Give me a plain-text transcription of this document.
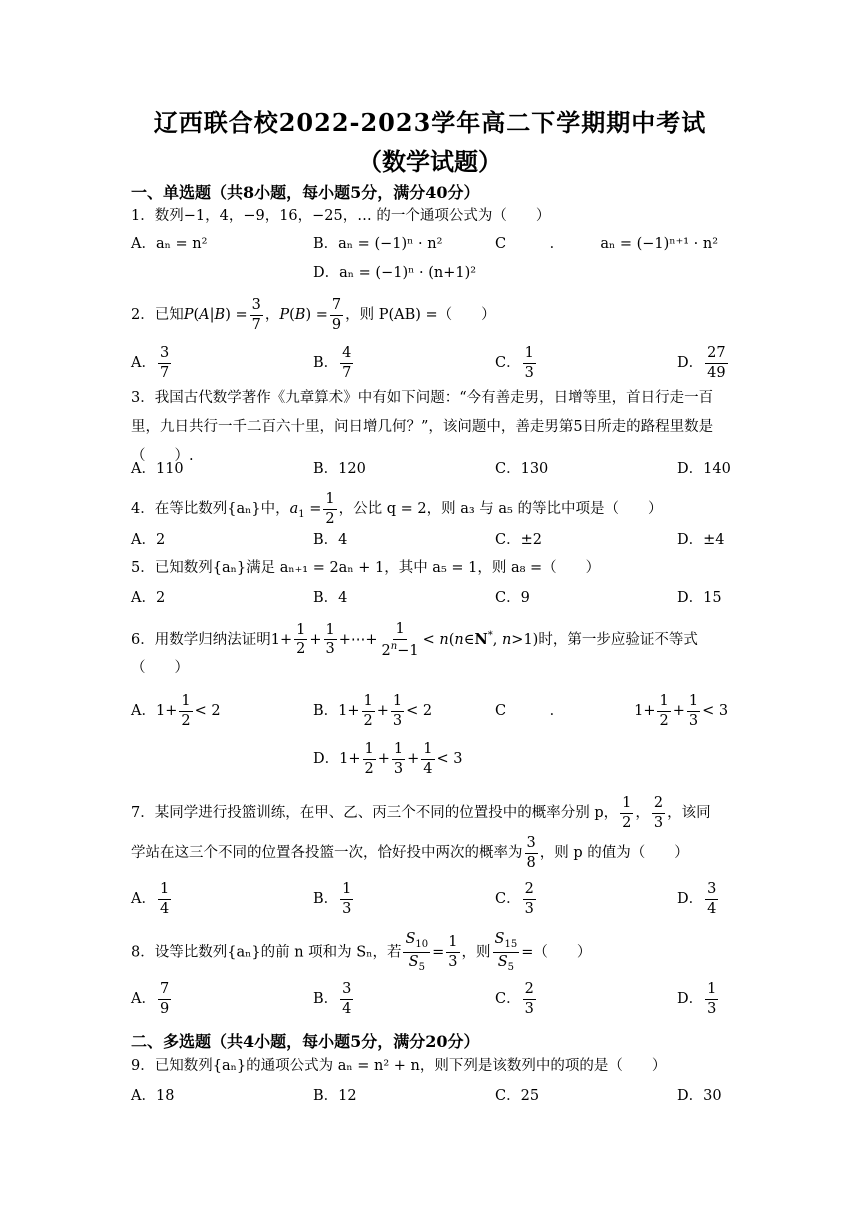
辽西联合校2022-2023学年高二下学期期中考试
（数学试题）
一、单选题（共8小题，每小题5分，满分40分）
1．数列−1，4，−9，16，−25，… 的一个通项公式为（　　）
A．aₙ = n²	B．aₙ = (−1)ⁿ · n²	C　　　．　　　aₙ = (−1)ⁿ⁺¹ · n²
D．aₙ = (−1)ⁿ · (n+1)²
2．已知$P(A|B) = \frac{3}{7}$ ，$P(B) = \frac{7}{9}$ ，则 P(AB) =（　　）
A． $\frac{3}{7}$	B． $\frac{4}{7}$	C． $\frac{1}{3}$	D． $\frac{27}{49}$
3．我国古代数学著作《九章算术》中有如下问题：“今有善走男，日增等里，首日行走一百里，九日共行一千二百六十里，问日增几何？”，该问题中，善走男第5日所走的路程里数是（　　）.
A．110	B．120	C．130	D．140
4．在等比数列{aₙ}中，$a_1 = \frac{1}{2}$ ，公比 q = 2，则 a₃ 与 a₅ 的等比中项是（　　）
A．2	B．4	C．±2	D．±4
5．已知数列{aₙ}满足 aₙ₊₁ = 2aₙ + 1，其中 a₅ = 1，则 a₈ =（　　）
A．2	B．4	C．9	D．15
6．用数学归纳法证明$1+ \frac{1}{2} + \frac{1}{3}$ +⋯+ $\frac{1}{2^n-1}$ < n(n∈N*, n>1)时，第一步应验证不等式
（　　）
A．$1+ \frac{1}{2} < 2$	B．$1+ \frac{1}{2} + \frac{1}{3} < 2$	C　　　．	$1+ \frac{1}{2} + \frac{1}{3} < 3$
D．$1+ \frac{1}{2} + \frac{1}{3} + \frac{1}{4} < 3$
7．某同学进行投篮训练，在甲、乙、丙三个不同的位置投中的概率分别 p， $\frac{1}{2}$ ， $\frac{2}{3}$ ，该同
学站在这三个不同的位置各投篮一次，恰好投中两次的概率为 $\frac{3}{8}$ ，则 p 的值为（　　）
A． $\frac{1}{4}$	B． $\frac{1}{3}$	C． $\frac{2}{3}$	D． $\frac{3}{4}$
8．设等比数列{aₙ}的前 n 项和为 Sₙ，若 $\frac{S_{10}}{S_5} = \frac{1}{3}$ ，则 $\frac{S_{15}}{S_5}$ =（　　）
A． $\frac{7}{9}$	B． $\frac{3}{4}$	C． $\frac{2}{3}$	D． $\frac{1}{3}$
二、多选题（共4小题，每小题5分，满分20分）
9．已知数列{aₙ}的通项公式为 aₙ = n² + n，则下列是该数列中的项的是（　　）
A．18	B．12	C．25	D．30
